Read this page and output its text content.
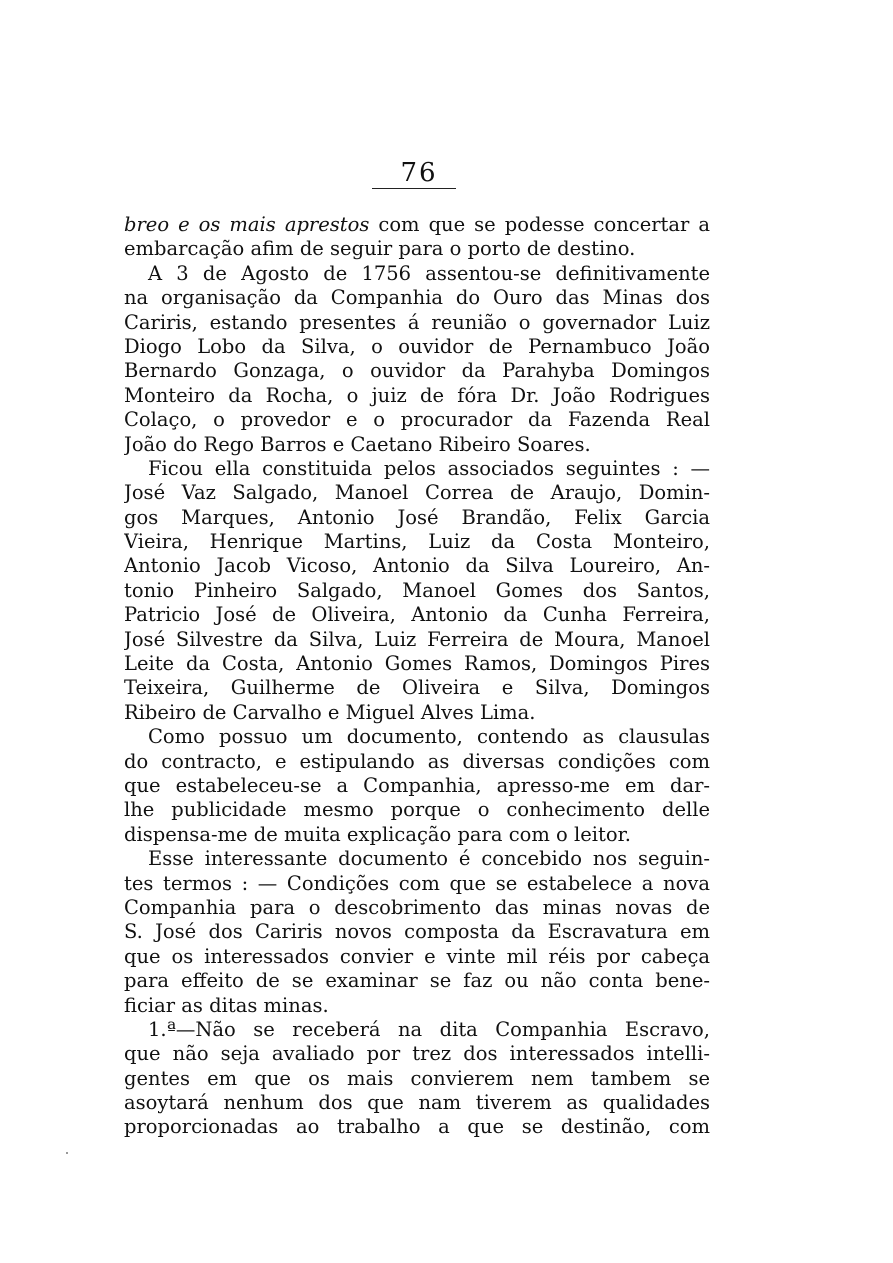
76
breo e os mais aprestos com que se podesse concertar a
embarcação afim de seguir para o porto de destino.
A 3 de Agosto de 1756 assentou-se definitivamente
na organisação da Companhia do Ouro das Minas dos
Cariris, estando presentes á reunião o governador Luiz
Diogo Lobo da Silva, o ouvidor de Pernambuco João
Bernardo Gonzaga, o ouvidor da Parahyba Domingos
Monteiro da Rocha, o juiz de fóra Dr. João Rodrigues
Colaço, o provedor e o procurador da Fazenda Real
João do Rego Barros e Caetano Ribeiro Soares.
Ficou ella constituida pelos associados seguintes : —
José Vaz Salgado, Manoel Correa de Araujo, Domin-
gos Marques, Antonio José Brandão, Felix Garcia
Vieira, Henrique Martins, Luiz da Costa Monteiro,
Antonio Jacob Vicoso, Antonio da Silva Loureiro, An-
tonio Pinheiro Salgado, Manoel Gomes dos Santos,
Patricio José de Oliveira, Antonio da Cunha Ferreira,
José Silvestre da Silva, Luiz Ferreira de Moura, Manoel
Leite da Costa, Antonio Gomes Ramos, Domingos Pires
Teixeira, Guilherme de Oliveira e Silva, Domingos
Ribeiro de Carvalho e Miguel Alves Lima.
Como possuo um documento, contendo as clausulas
do contracto, e estipulando as diversas condições com
que estabeleceu-se a Companhia, apresso-me em dar-
lhe publicidade mesmo porque o conhecimento delle
dispensa-me de muita explicação para com o leitor.
Esse interessante documento é concebido nos seguin-
tes termos : — Condições com que se estabelece a nova
Companhia para o descobrimento das minas novas de
S. José dos Cariris novos composta da Escravatura em
que os interessados convier e vinte mil réis por cabeça
para effeito de se examinar se faz ou não conta bene-
ficiar as ditas minas.
1.ª—Não se receberá na dita Companhia Escravo,
que não seja avaliado por trez dos interessados intelli-
gentes em que os mais convierem nem tambem se
asoytará nenhum dos que nam tiverem as qualidades
proporcionadas ao trabalho a que se destinão, com
